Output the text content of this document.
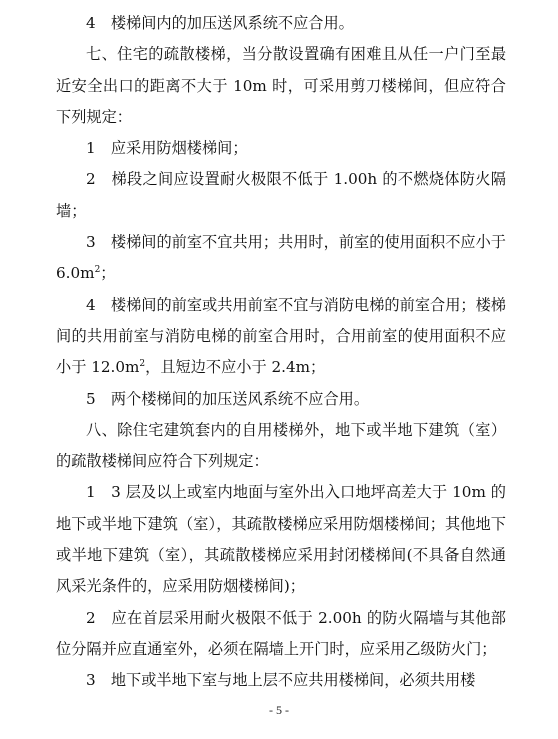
4　楼梯间内的加压送风系统不应合用。

七、住宅的疏散楼梯，当分散设置确有困难且从任一户门至最近安全出口的距离不大于 10m 时，可采用剪刀楼梯间，但应符合下列规定：

1　应采用防烟楼梯间；

2　梯段之间应设置耐火极限不低于 1.00h 的不燃烧体防火隔墙；

3　楼梯间的前室不宜共用；共用时，前室的使用面积不应小于 $6.0m^2$；

4　楼梯间的前室或共用前室不宜与消防电梯的前室合用；楼梯间的共用前室与消防电梯的前室合用时，合用前室的使用面积不应小于 $12.0m^2$，且短边不应小于 2.4m；

5　两个楼梯间的加压送风系统不应合用。

八、除住宅建筑套内的自用楼梯外，地下或半地下建筑（室）的疏散楼梯间应符合下列规定：

1　3 层及以上或室内地面与室外出入口地坪高差大于 10m 的地下或半地下建筑（室），其疏散楼梯应采用防烟楼梯间；其他地下或半地下建筑（室），其疏散楼梯应采用封闭楼梯间(不具备自然通风采光条件的，应采用防烟楼梯间)；

2　应在首层采用耐火极限不低于 2.00h 的防火隔墙与其他部位分隔并应直通室外，必须在隔墙上开门时，应采用乙级防火门；

3　地下或半地下室与地上层不应共用楼梯间，必须共用楼

- 5 -
